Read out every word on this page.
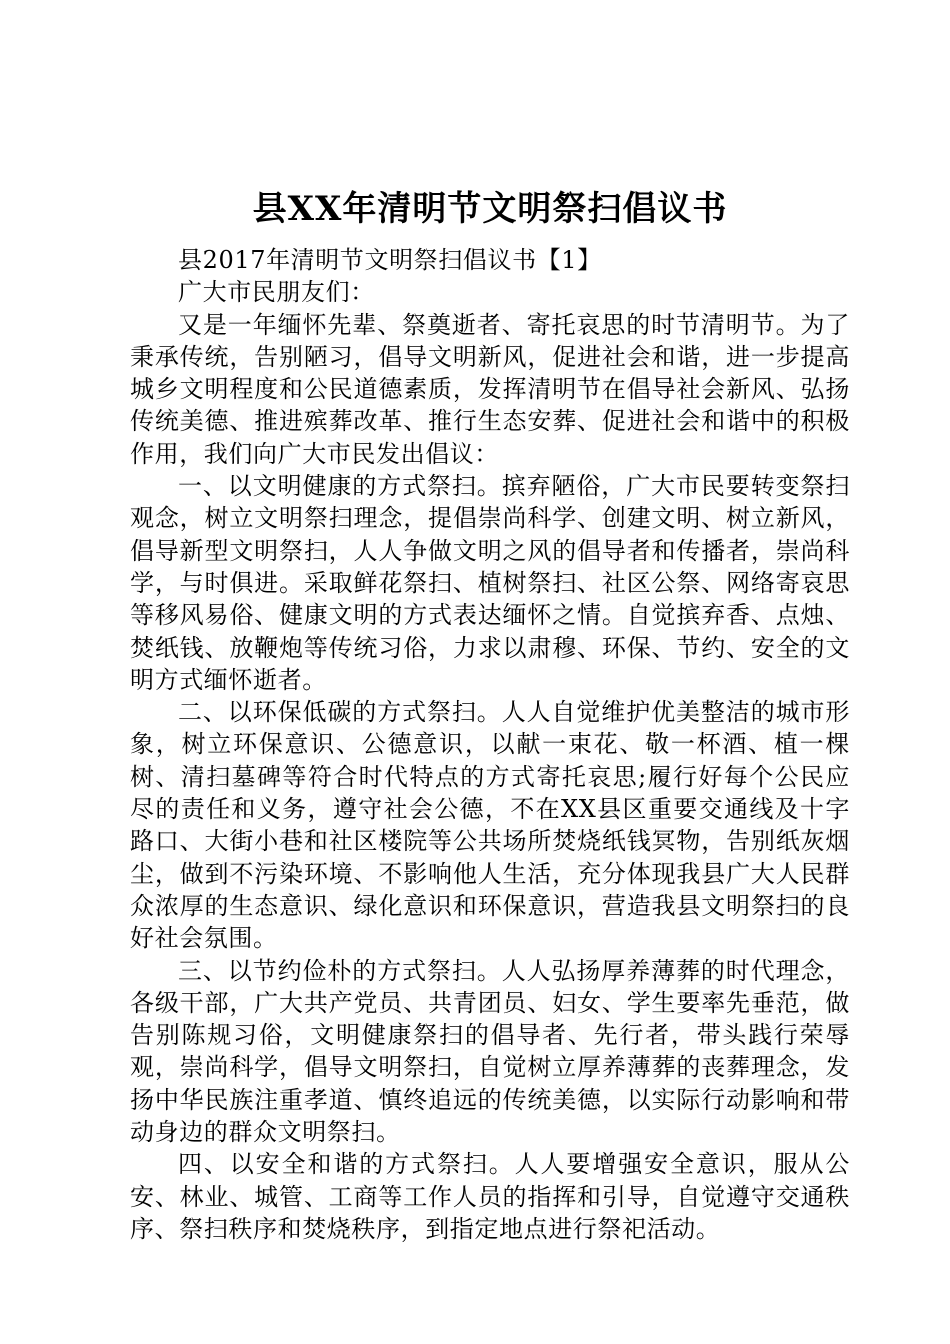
县XX年清明节文明祭扫倡议书

县2017年清明节文明祭扫倡议书【1】

广大市民朋友们：

又是一年缅怀先辈、祭奠逝者、寄托哀思的时节清明节。为了秉承传统，告别陋习，倡导文明新风，促进社会和谐，进一步提高城乡文明程度和公民道德素质，发挥清明节在倡导社会新风、弘扬传统美德、推进殡葬改革、推行生态安葬、促进社会和谐中的积极作用，我们向广大市民发出倡议：

一、以文明健康的方式祭扫。摈弃陋俗，广大市民要转变祭扫观念，树立文明祭扫理念，提倡崇尚科学、创建文明、树立新风，倡导新型文明祭扫，人人争做文明之风的倡导者和传播者，崇尚科学，与时俱进。采取鲜花祭扫、植树祭扫、社区公祭、网络寄哀思等移风易俗、健康文明的方式表达缅怀之情。自觉摈弃香、点烛、焚纸钱、放鞭炮等传统习俗，力求以肃穆、环保、节约、安全的文明方式缅怀逝者。

二、以环保低碳的方式祭扫。人人自觉维护优美整洁的城市形象，树立环保意识、公德意识，以献一束花、敬一杯酒、植一棵树、清扫墓碑等符合时代特点的方式寄托哀思;履行好每个公民应尽的责任和义务，遵守社会公德，不在XX县区重要交通线及十字路口、大街小巷和社区楼院等公共场所焚烧纸钱冥物，告别纸灰烟尘，做到不污染环境、不影响他人生活，充分体现我县广大人民群众浓厚的生态意识、绿化意识和环保意识，营造我县文明祭扫的良好社会氛围。

三、以节约俭朴的方式祭扫。人人弘扬厚养薄葬的时代理念，各级干部，广大共产党员、共青团员、妇女、学生要率先垂范，做告别陈规习俗，文明健康祭扫的倡导者、先行者，带头践行荣辱观，崇尚科学，倡导文明祭扫，自觉树立厚养薄葬的丧葬理念，发扬中华民族注重孝道、慎终追远的传统美德，以实际行动影响和带动身边的群众文明祭扫。

四、以安全和谐的方式祭扫。人人要增强安全意识，服从公安、林业、城管、工商等工作人员的指挥和引导，自觉遵守交通秩序、祭扫秩序和焚烧秩序，到指定地点进行祭祀活动。
